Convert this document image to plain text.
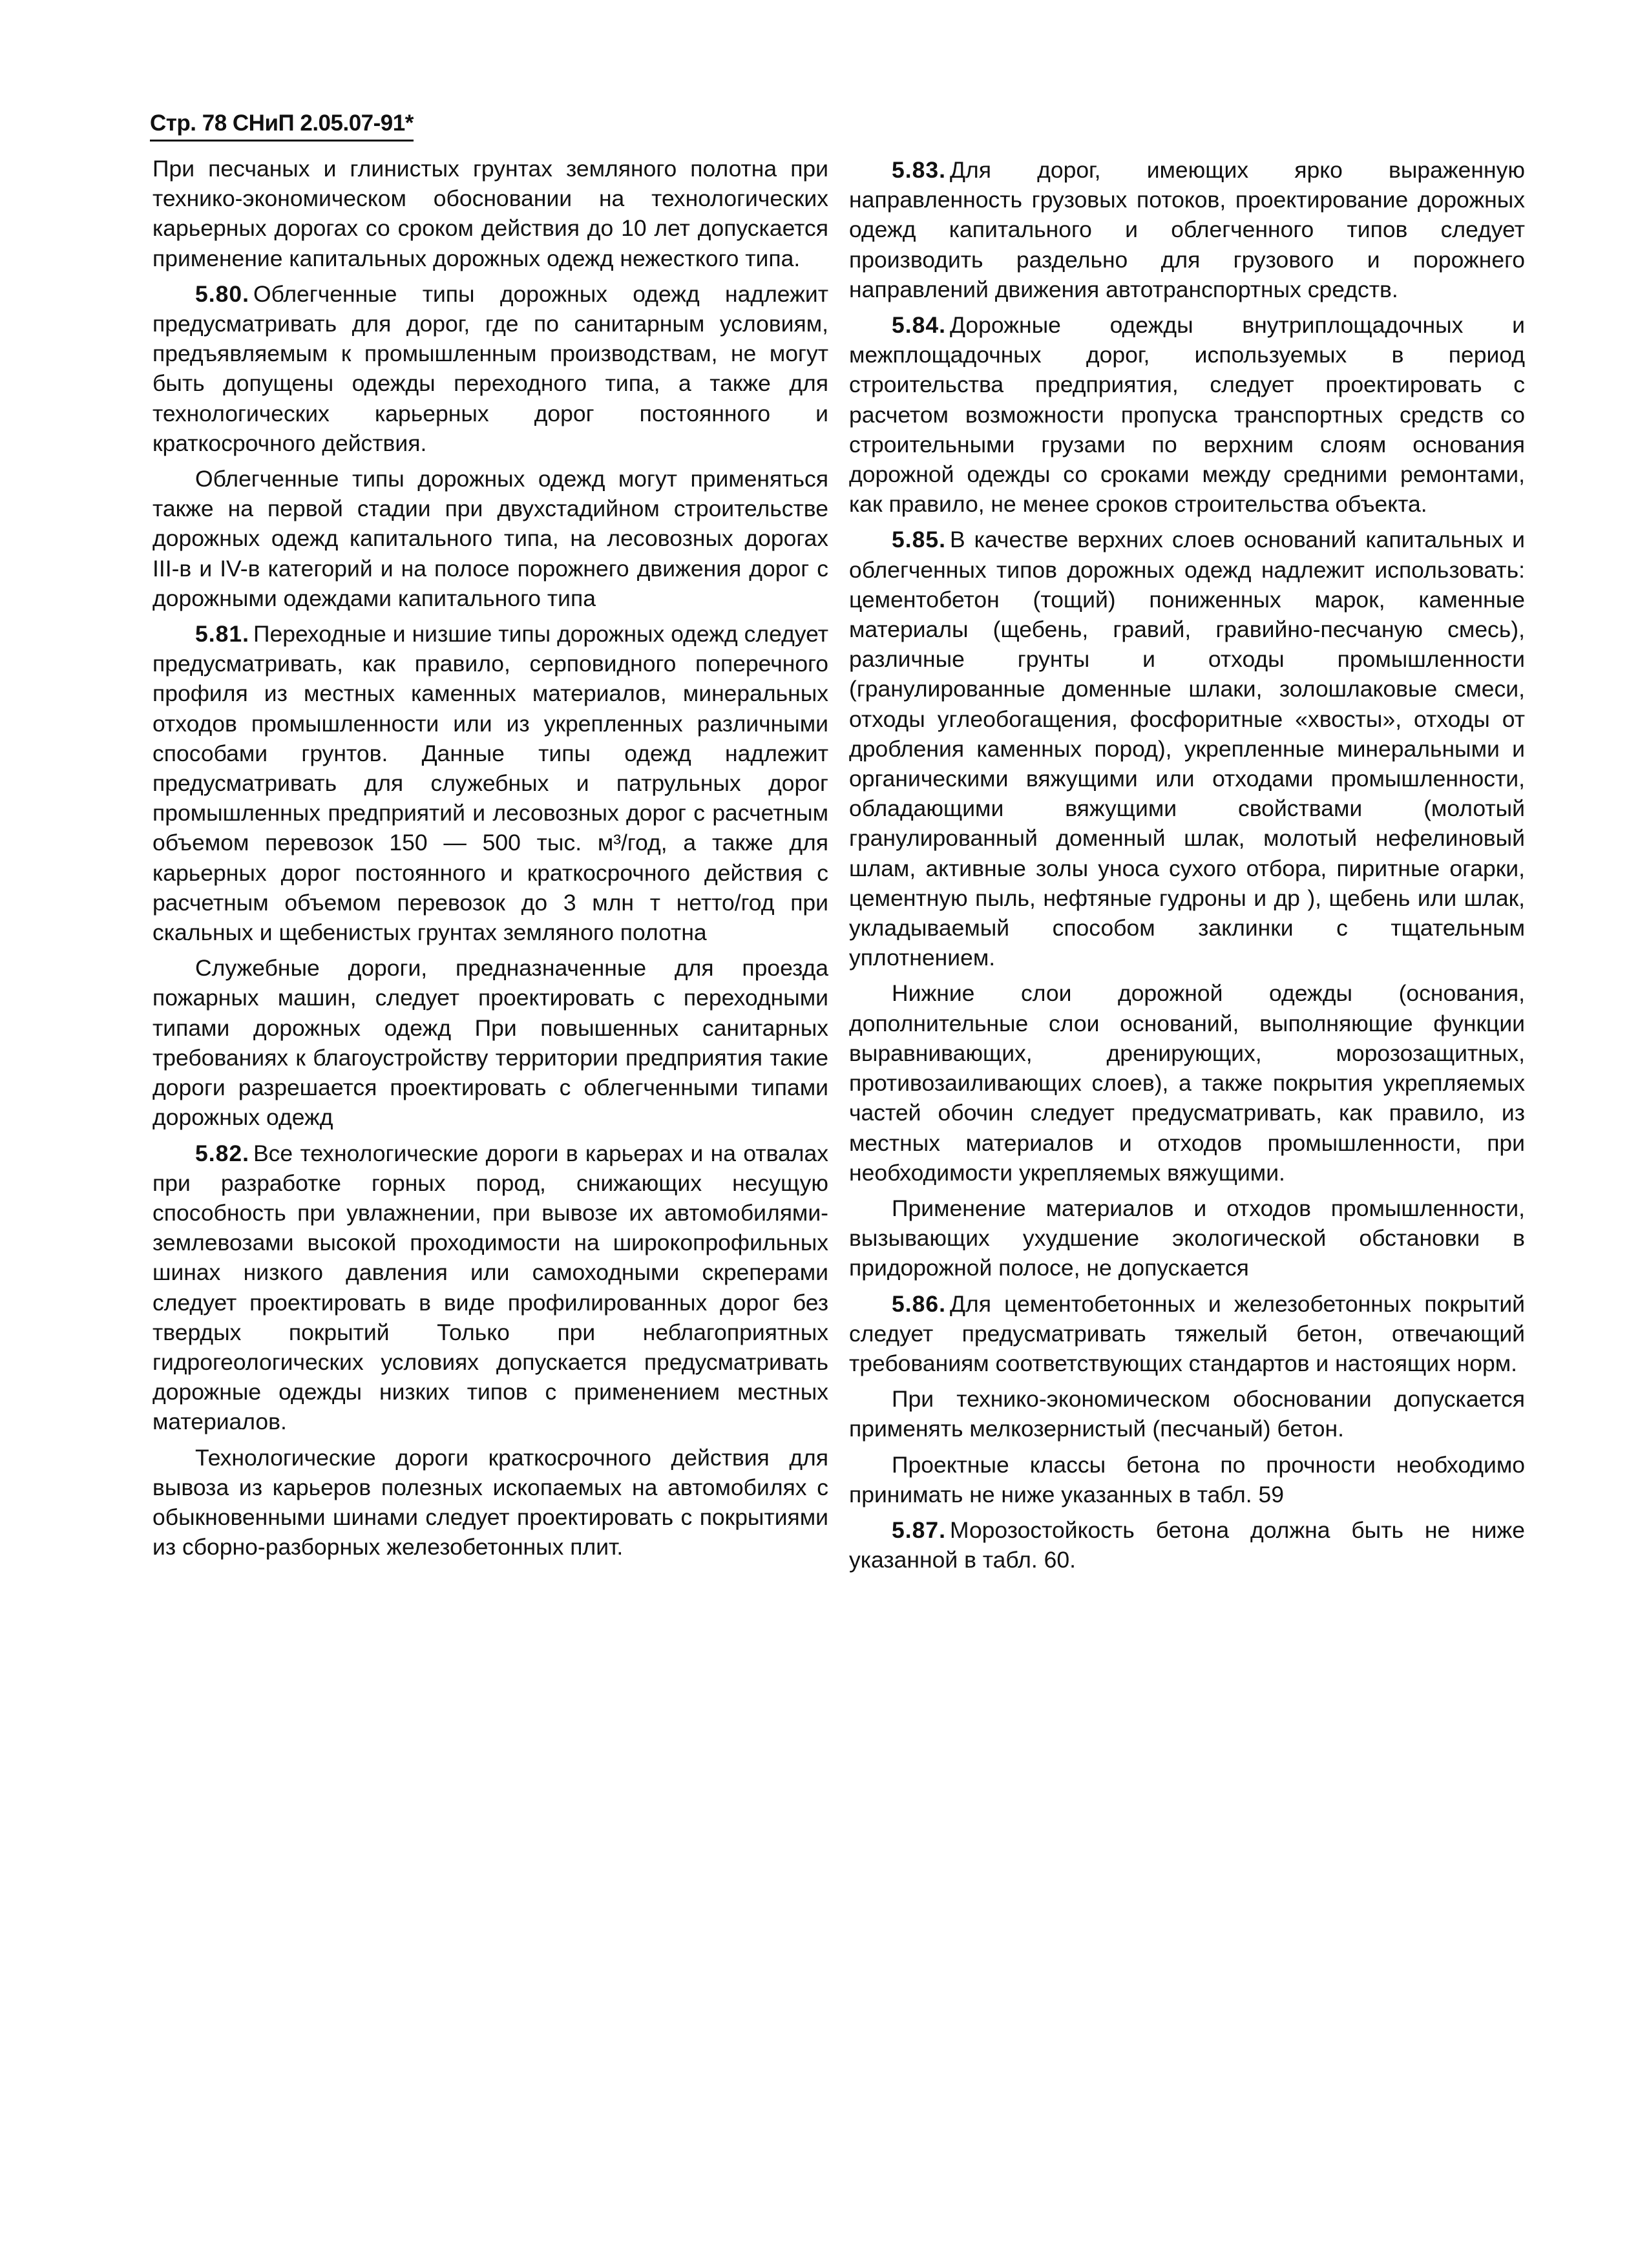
Стр. 78 СНиП 2.05.07-91*

При песчаных и глинистых грунтах земляного полотна при технико-экономическом обосновании на технологических карьерных дорогах со сроком действия до 10 лет допускается применение капитальных дорожных одежд нежесткого типа.

5.80. Облегченные типы дорожных одежд надлежит предусматривать для дорог, где по санитарным условиям, предъявляемым к промышленным производствам, не могут быть допущены одежды переходного типа, а также для технологических карьерных дорог постоянного и краткосрочного действия.

Облегченные типы дорожных одежд могут применяться также на первой стадии при двухстадийном строительстве дорожных одежд капитального типа, на лесовозных дорогах III-в и IV-в категорий и на полосе порожнего движения дорог с дорожными одеждами капитального типа

5.81. Переходные и низшие типы дорожных одежд следует предусматривать, как правило, серповидного поперечного профиля из местных каменных материалов, минеральных отходов промышленности или из укрепленных различными способами грунтов. Данные типы одежд надлежит предусматривать для служебных и патрульных дорог промышленных предприятий и лесовозных дорог с расчетным объемом перевозок 150 — 500 тыс. м³/год, а также для карьерных дорог постоянного и краткосрочного действия с расчетным объемом перевозок до 3 млн т нетто/год при скальных и щебенистых грунтах земляного полотна

Служебные дороги, предназначенные для проезда пожарных машин, следует проектировать с переходными типами дорожных одежд При повышенных санитарных требованиях к благоустройству территории предприятия такие дороги разрешается проектировать с облегченными типами дорожных одежд

5.82. Все технологические дороги в карьерах и на отвалах при разработке горных пород, снижающих несущую способность при увлажнении, при вывозе их автомобилями-землевозами высокой проходимости на широкопрофильных шинах низкого давления или самоходными скреперами следует проектировать в виде профилированных дорог без твердых покрытий Только при неблагоприятных гидрогеологических условиях допускается предусматривать дорожные одежды низких типов с применением местных материалов.

Технологические дороги краткосрочного действия для вывоза из карьеров полезных ископаемых на автомобилях с обыкновенными шинами следует проектировать с покрытиями из сборно-разборных железобетонных плит.

5.83. Для дорог, имеющих ярко выраженную направленность грузовых потоков, проектирование дорожных одежд капитального и облегченного типов следует производить раздельно для грузового и порожнего направлений движения автотранспортных средств.

5.84. Дорожные одежды внутриплощадочных и межплощадочных дорог, используемых в период строительства предприятия, следует проектировать с расчетом возможности пропуска транспортных средств со строительными грузами по верхним слоям основания дорожной одежды со сроками между средними ремонтами, как правило, не менее сроков строительства объекта.

5.85. В качестве верхних слоев оснований капитальных и облегченных типов дорожных одежд надлежит использовать: цементобетон (тощий) пониженных марок, каменные материалы (щебень, гравий, гравийно-песчаную смесь), различные грунты и отходы промышленности (гранулированные доменные шлаки, золошлаковые смеси, отходы углеобогащения, фосфоритные «хвосты», отходы от дробления каменных пород), укрепленные минеральными и органическими вяжущими или отходами промышленности, обладающими вяжущими свойствами (молотый гранулированный доменный шлак, молотый нефелиновый шлам, активные золы уноса сухого отбора, пиритные огарки, цементную пыль, нефтяные гудроны и др ), щебень или шлак, укладываемый способом заклинки с тщательным уплотнением.

Нижние слои дорожной одежды (основания, дополнительные слои оснований, выполняющие функции выравнивающих, дренирующих, морозозащитных, противозаиливающих слоев), а также покрытия укрепляемых частей обочин следует предусматривать, как правило, из местных материалов и отходов промышленности, при необходимости укрепляемых вяжущими.

Применение материалов и отходов промышленности, вызывающих ухудшение экологической обстановки в придорожной полосе, не допускается

5.86. Для цементобетонных и железобетонных покрытий следует предусматривать тяжелый бетон, отвечающий требованиям соответствующих стандартов и настоящих норм.

При технико-экономическом обосновании допускается применять мелкозернистый (песчаный) бетон.

Проектные классы бетона по прочности необходимо принимать не ниже указанных в табл. 59

5.87. Морозостойкость бетона должна быть не ниже указанной в табл. 60.
